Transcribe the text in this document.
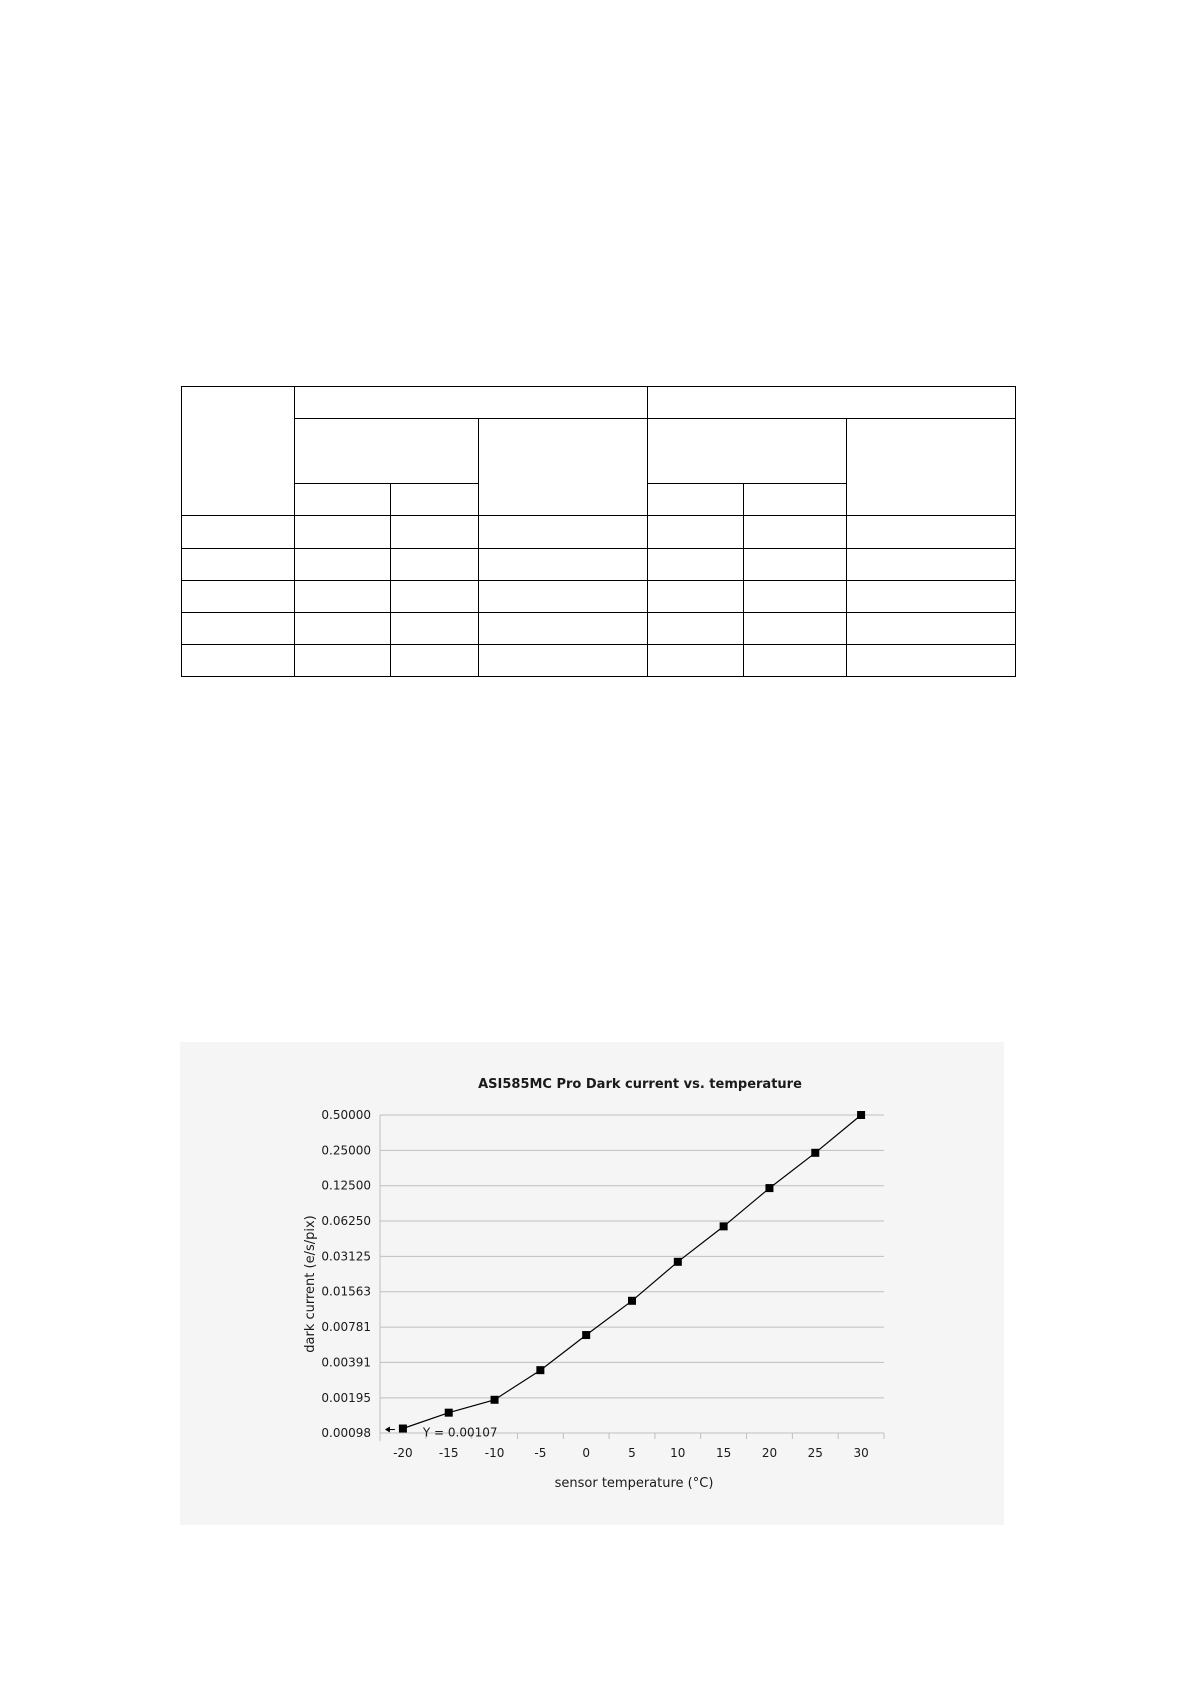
ASI585MC Pro Dark current vs. temperature
0.00098
0.00195
0.00391
0.00781
0.01563
0.03125
0.06250
0.12500
0.25000
0.50000
-20 -15 -10	-5	0	5	10	15	20	25	30
Y = 0.00107
sensor temperature (°C)
dark current (e/s/pix)
